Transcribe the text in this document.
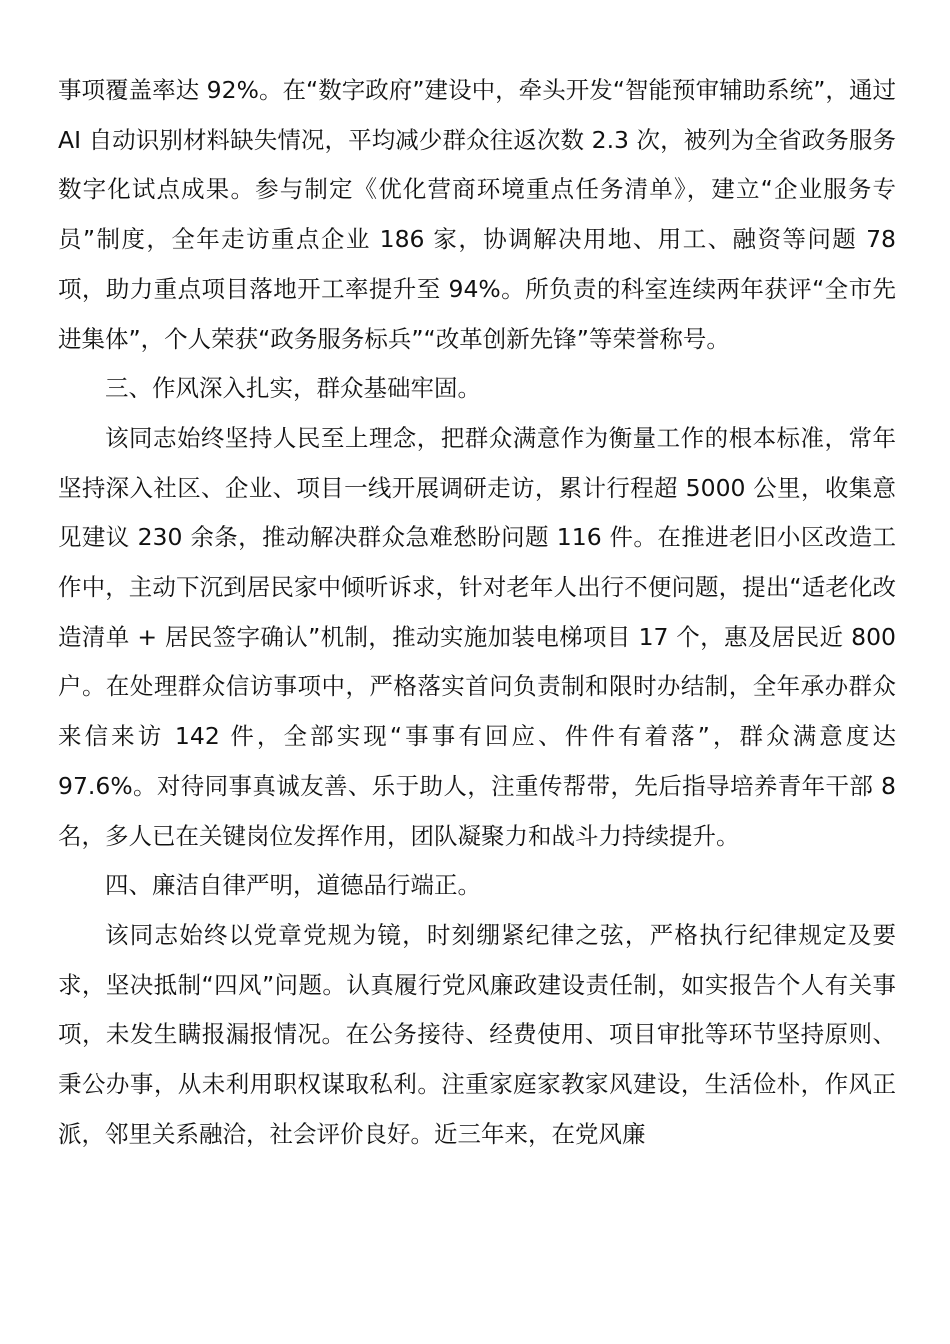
事项覆盖率达 92%。在“数字政府”建设中，牵头开发“智能预审辅助系统”，通过 AI 自动识别材料缺失情况，平均减少群众往返次数 2.3 次，被列为全省政务服务数字化试点成果。参与制定《优化营商环境重点任务清单》，建立“企业服务专员”制度，全年走访重点企业 186 家，协调解决用地、用工、融资等问题 78 项，助力重点项目落地开工率提升至 94%。所负责的科室连续两年获评“全市先进集体”，个人荣获“政务服务标兵”“改革创新先锋”等荣誉称号。

三、作风深入扎实，群众基础牢固。

该同志始终坚持人民至上理念，把群众满意作为衡量工作的根本标准，常年坚持深入社区、企业、项目一线开展调研走访，累计行程超 5000 公里，收集意见建议 230 余条，推动解决群众急难愁盼问题 116 件。在推进老旧小区改造工作中，主动下沉到居民家中倾听诉求，针对老年人出行不便问题，提出“适老化改造清单 + 居民签字确认”机制，推动实施加装电梯项目 17 个，惠及居民近 800 户。在处理群众信访事项中，严格落实首问负责制和限时办结制，全年承办群众来信来访 142 件，全部实现“事事有回应、件件有着落”，群众满意度达 97.6%。对待同事真诚友善、乐于助人，注重传帮带，先后指导培养青年干部 8 名，多人已在关键岗位发挥作用，团队凝聚力和战斗力持续提升。

四、廉洁自律严明，道德品行端正。

该同志始终以党章党规为镜，时刻绷紧纪律之弦，严格执行纪律规定及要求，坚决抵制“四风”问题。认真履行党风廉政建设责任制，如实报告个人有关事项，未发生瞒报漏报情况。在公务接待、经费使用、项目审批等环节坚持原则、秉公办事，从未利用职权谋取私利。注重家庭家教家风建设，生活俭朴，作风正派，邻里关系融洽，社会评价良好。近三年来，在党风廉
